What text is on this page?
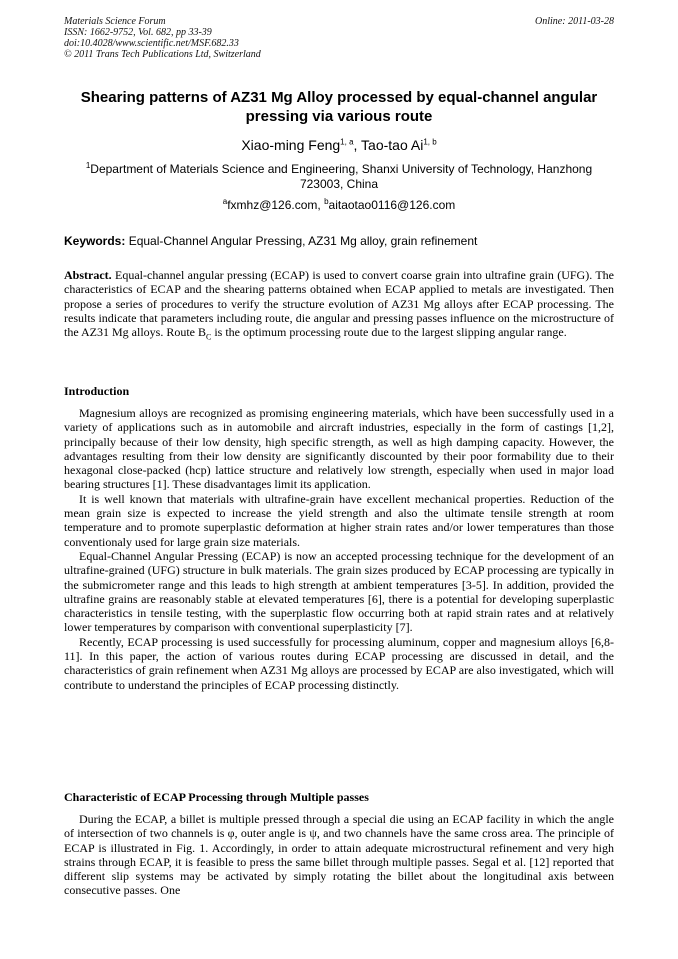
Materials Science Forum
ISSN: 1662-9752, Vol. 682, pp 33-39
doi:10.4028/www.scientific.net/MSF.682.33
© 2011 Trans Tech Publications Ltd, Switzerland
Online: 2011-03-28
Shearing patterns of AZ31 Mg Alloy processed by equal-channel angular pressing via various route
Xiao-ming Feng$^{1, a}$, Tao-tao Ai$^{1, b}$
$^1$Department of Materials Science and Engineering, Shanxi University of Technology, Hanzhong 723003, China
$^a$fxmhz@126.com, $^b$aitaotao0116@126.com
Keywords: Equal-Channel Angular Pressing, AZ31 Mg alloy, grain refinement
Abstract. Equal-channel angular pressing (ECAP) is used to convert coarse grain into ultrafine grain (UFG). The characteristics of ECAP and the shearing patterns obtained when ECAP applied to metals are investigated. Then propose a series of procedures to verify the structure evolution of AZ31 Mg alloys after ECAP processing. The results indicate that parameters including route, die angular and pressing passes influence on the microstructure of the AZ31 Mg alloys. Route $B_C$ is the optimum processing route due to the largest slipping angular range.
Introduction

Magnesium alloys are recognized as promising engineering materials, which have been successfully used in a variety of applications such as in automobile and aircraft industries, especially in the form of castings [1,2], principally because of their low density, high specific strength, as well as high damping capacity. However, the advantages resulting from their low density are significantly discounted by their poor formability due to their hexagonal close-packed (hcp) lattice structure and relatively low strength, especially when used in major load bearing structures [1]. These disadvantages limit its application.

It is well known that materials with ultrafine-grain have excellent mechanical properties. Reduction of the mean grain size is expected to increase the yield strength and also the ultimate tensile strength at room temperature and to promote superplastic deformation at higher strain rates and/or lower temperatures than those conventionaly used for large grain size materials.

Equal-Channel Angular Pressing (ECAP) is now an accepted processing technique for the development of an ultrafine-grained (UFG) structure in bulk materials. The grain sizes produced by ECAP processing are typically in the submicrometer range and this leads to high strength at ambient temperatures [3-5]. In addition, provided the ultrafine grains are reasonably stable at elevated temperatures [6], there is a potential for developing superplastic characteristics in tensile testing, with the superplastic flow occurring both at rapid strain rates and at relatively lower temperatures by comparison with conventional superplasticity [7].

Recently, ECAP processing is used successfully for processing aluminum, copper and magnesium alloys [6,8-11]. In this paper, the action of various routes during ECAP processing are discussed in detail, and the characteristics of grain refinement when AZ31 Mg alloys are processed by ECAP are also investigated, which will contribute to understand the principles of ECAP processing distinctly.

Characteristic of ECAP Processing through Multiple passes

During the ECAP, a billet is multiple pressed through a special die using an ECAP facility in which the angle of intersection of two channels is φ, outer angle is ψ, and two channels have the same cross area. The principle of ECAP is illustrated in Fig. 1. Accordingly, in order to attain adequate microstructural refinement and very high strains through ECAP, it is feasible to press the same billet through multiple passes. Segal et al. [12] reported that different slip systems may be activated by simply rotating the billet about the longitudinal axis between consecutive passes. One
